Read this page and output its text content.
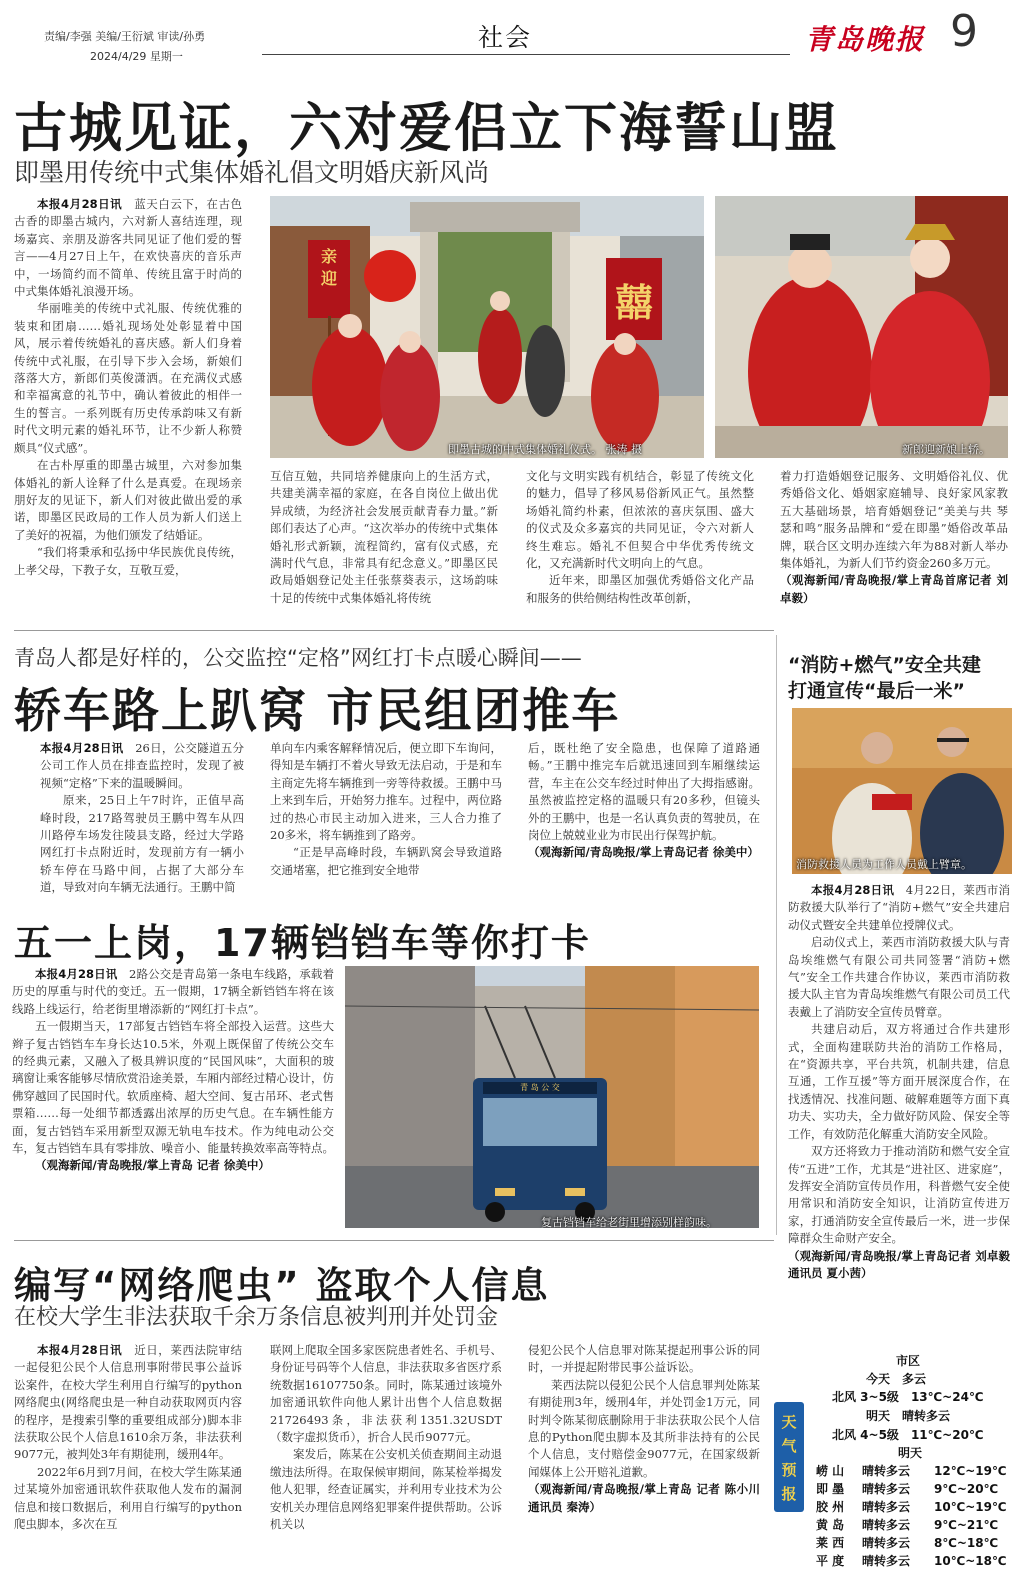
责编/李强 美编/王衍斌 审读/孙勇
2024/4/29 星期一
社会	青岛晚报 9
古城见证，六对爱侣立下海誓山盟
即墨用传统中式集体婚礼倡文明婚庆新风尚

本报4月28日讯　 蓝天白云下，在古色古香的即墨古城内，六对新人喜结连理，现场嘉宾、亲朋及游客共同见证了他们爱的誓言——4月27日上午，在欢快喜庆的音乐声中，一场简约而不简单、传统且富于时尚的中式集体婚礼浪漫开场。

华丽唯美的传统中式礼服、传统优雅的装束和团扇……婚礼现场处处彰显着中国风，展示着传统婚礼的喜庆感。新人们身着传统中式礼服，在引导下步入会场，新娘们落落大方，新郎们英俊潇洒。在充满仪式感和幸福寓意的礼节中，确认着彼此的相伴一生的誓言。一系列既有历史传承韵味又有新时代文明元素的婚礼环节，让不少新人称赞颇具“仪式感”。

在古朴厚重的即墨古城里，六对参加集体婚礼的新人诠释了什么是真爱。在现场亲朋好友的见证下，新人们对彼此做出爱的承诺，即墨区民政局的工作人员为新人们送上了美好的祝福，为他们颁发了结婚证。

“我们将秉承和弘扬中华民族优良传统，上孝父母，下教子女，互敬互爱，

亲迎
囍
即墨古城的中式集体婚礼仪式。 张涛 摄	新郎迎新娘上轿。

互信互勉，共同培养健康向上的生活方式，共建美满幸福的家庭，在各自岗位上做出优异成绩，为经济社会发展贡献青春力量。”新郎们表达了心声。“这次举办的传统中式集体婚礼形式新颖，流程简约，富有仪式感，充满时代气息，非常具有纪念意义。”即墨区民政局婚姻登记处主任张蔡葵表示，这场韵味十足的传统中式集体婚礼将传统

文化与文明实践有机结合，彰显了传统文化的魅力，倡导了移风易俗新风正气。虽然整场婚礼简约朴素，但浓浓的喜庆氛围、盛大的仪式及众多嘉宾的共同见证，令六对新人终生难忘。婚礼不但契合中华优秀传统文化，又充满新时代文明向上的气息。

近年来，即墨区加强优秀婚俗文化产品和服务的供给侧结构性改革创新，

着力打造婚姻登记服务、文明婚俗礼仪、优秀婚俗文化、婚姻家庭辅导、良好家风家教五大基础场景，培育婚姻登记“美美与共 琴瑟和鸣”服务品牌和“爱在即墨”婚俗改革品牌，联合区文明办连续六年为88对新人举办集体婚礼，为新人们节约资金260多万元。

（观海新闻/青岛晚报/掌上青岛首席记者 刘卓毅）

青岛人都是好样的，公交监控“定格”网红打卡点暖心瞬间——
轿车路上趴窝 市民组团推车

本报4月28日讯　 26日，公交隧道五分公司工作人员在排查监控时，发现了被视频“定格”下来的温暖瞬间。

原来，25日上午7时许，正值早高峰时段，217路驾驶员王鹏中驾车从四川路停车场发往陵县支路，经过大学路网红打卡点附近时，发现前方有一辆小轿车停在马路中间，占据了大部分车道，导致对向车辆无法通行。王鹏中简

单向车内乘客解释情况后，便立即下车询问，得知是车辆打不着火导致无法启动，于是和车主商定先将车辆推到一旁等待救援。王鹏中马上来到车后，开始努力推车。过程中，两位路过的热心市民主动加入进来，三人合力推了20多米，将车辆推到了路旁。

“正是早高峰时段，车辆趴窝会导致道路交通堵塞，把它推到安全地带

后，既杜绝了安全隐患，也保障了道路通畅。”王鹏中推完车后就迅速回到车厢继续运营，车主在公交车经过时伸出了大拇指感谢。虽然被监控定格的温暖只有20多秒，但镜头外的王鹏中，也是一名认真负责的驾驶员，在岗位上兢兢业业为市民出行保驾护航。

（观海新闻/青岛晚报/掌上青岛记者 徐美中）

五一上岗，17辆铛铛车等你打卡

本报4月28日讯　 2路公交是青岛第一条电车线路，承载着历史的厚重与时代的变迁。五一假期，17辆全新铛铛车将在该线路上线运行，给老街里增添新的“网红打卡点”。

五一假期当天，17部复古铛铛车将全部投入运营。这些大辫子复古铛铛车车身长达10.5米，外观上既保留了传统公交车的经典元素，又融入了极具辨识度的“民国风味”，大面积的玻璃窗让乘客能够尽情欣赏沿途美景，车厢内部经过精心设计，仿佛穿越回了民国时代。软质座椅、超大空间、复古吊环、老式售票箱……每一处细节都透露出浓厚的历史气息。在车辆性能方面，复古铛铛车采用新型双源无轨电车技术。作为纯电动公交车，复古铛铛车具有零排放、噪音小、能量转换效率高等特点。

（观海新闻/青岛晚报/掌上青岛 记者 徐美中）

青 岛 公 交
复古铛铛车给老街里增添别样韵味。
“消防+燃气”安全共建
打通宣传“最后一米”
消防救援人员为工作人员戴上臂章。

本报4月28日讯　 4月22日，莱西市消防救援大队举行了“消防+燃气”安全共建启动仪式暨安全共建单位授牌仪式。

启动仪式上，莱西市消防救援大队与青岛埃维燃气有限公司共同签署“消防+燃气”安全工作共建合作协议，莱西市消防救援大队主官为青岛埃维燃气有限公司员工代表戴上了消防安全宣传员臂章。

共建启动后，双方将通过合作共建形式，全面构建联防共治的消防工作格局，在“资源共享，平台共筑，机制共建，信息互通，工作互援”等方面开展深度合作，在找透情况、找准问题、破解难题等方面下真功夫、实功夫，全力做好防风险、保安全等工作，有效防范化解重大消防安全风险。

双方还将致力于推动消防和燃气安全宣传“五进”工作，尤其是“进社区、进家庭”，发挥安全消防宣传员作用，科普燃气安全使用常识和消防安全知识，让消防宣传进万家，打通消防安全宣传最后一米，进一步保障群众生命财产安全。

（观海新闻/青岛晚报/掌上青岛记者 刘卓毅 通讯员 夏小茜）

编写“网络爬虫” 盗取个人信息
在校大学生非法获取千余万条信息被判刑并处罚金

本报4月28日讯　 近日，莱西法院审结一起侵犯公民个人信息刑事附带民事公益诉讼案件，在校大学生利用自行编写的python网络爬虫(网络爬虫是一种自动获取网页内容的程序，是搜索引擎的重要组成部分)脚本非法获取公民个人信息1610余万条，非法获利9077元，被判处3年有期徒刑，缓刑4年。

2022年6月到7月间，在校大学生陈某通过某境外加密通讯软件获取他人发布的漏洞信息和接口数据后，利用自行编写的python爬虫脚本，多次在互

联网上爬取全国多家医院患者姓名、手机号、身份证号码等个人信息，非法获取多省医疗系统数据16107750条。同时，陈某通过该境外加密通讯软件向他人累计出售个人信息数据21726493条，非法获利1351.32USDT（数字虚拟货币），折合人民币9077元。

案发后，陈某在公安机关侦查期间主动退缴违法所得。在取保候审期间，陈某检举揭发他人犯罪，经查证属实，并利用专业技术为公安机关办理信息网络犯罪案件提供帮助。公诉机关以

侵犯公民个人信息罪对陈某提起刑事公诉的同时，一并提起附带民事公益诉讼。

莱西法院以侵犯公民个人信息罪判处陈某有期徒刑3年，缓刑4年，并处罚金1万元，同时判令陈某彻底删除用于非法获取公民个人信息的Python爬虫脚本及其所非法持有的公民个人信息，支付赔偿金9077元，在国家级新闻媒体上公开赔礼道歉。

（观海新闻/青岛晚报/掌上青岛 记者 陈小川 通讯员 秦涛）

天气预报
市区
今天　 多云
北风 3~5级　 13℃~24℃
明天　 晴转多云
北风 4~5级　 11℃~20℃
明天
崂 山 晴转多云 12℃~19℃
即 墨 晴转多云 9℃~20℃
胶 州 晴转多云 10℃~19℃
黄 岛 晴转多云 9℃~21℃
莱 西 晴转多云 8℃~18℃
平 度 晴转多云 10℃~18℃
